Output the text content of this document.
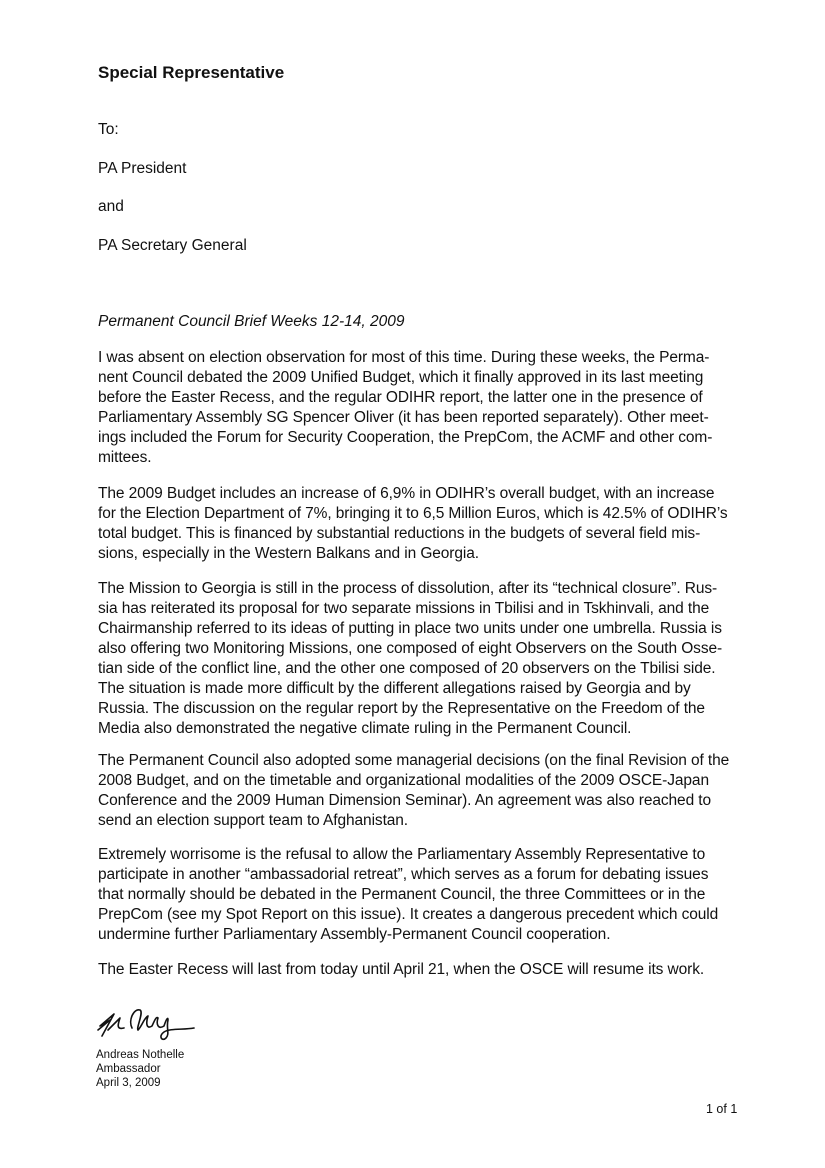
Special Representative

To:

PA President

and

PA Secretary General

Permanent Council Brief Weeks 12-14, 2009

I was absent on election observation for most of this time. During these weeks, the Perma-
nent Council debated the 2009 Unified Budget, which it finally approved in its last meeting
before the Easter Recess, and the regular ODIHR report, the latter one in the presence of
Parliamentary Assembly SG Spencer Oliver (it has been reported separately). Other meet-
ings included the Forum for Security Cooperation, the PrepCom, the ACMF and other com-
mittees.
The 2009 Budget includes an increase of 6,9% in ODIHR’s overall budget, with an increase
for the Election Department of 7%, bringing it to 6,5 Million Euros, which is 42.5% of ODIHR’s
total budget. This is financed by substantial reductions in the budgets of several field mis-
sions, especially in the Western Balkans and in Georgia.
The Mission to Georgia is still in the process of dissolution, after its “technical closure”. Rus-
sia has reiterated its proposal for two separate missions in Tbilisi and in Tskhinvali, and the
Chairmanship referred to its ideas of putting in place two units under one umbrella. Russia is
also offering two Monitoring Missions, one composed of eight Observers on the South Osse-
tian side of the conflict line, and the other one composed of 20 observers on the Tbilisi side.
The situation is made more difficult by the different allegations raised by Georgia and by
Russia. The discussion on the regular report by the Representative on the Freedom of the
Media also demonstrated the negative climate ruling in the Permanent Council.
The Permanent Council also adopted some managerial decisions (on the final Revision of the
2008 Budget, and on the timetable and organizational modalities of the 2009 OSCE-Japan
Conference and the 2009 Human Dimension Seminar). An agreement was also reached to
send an election support team to Afghanistan.
Extremely worrisome is the refusal to allow the Parliamentary Assembly Representative to
participate in another “ambassadorial retreat”, which serves as a forum for debating issues
that normally should be debated in the Permanent Council, the three Committees or in the
PrepCom (see my Spot Report on this issue). It creates a dangerous precedent which could
undermine further Parliamentary Assembly-Permanent Council cooperation.
The Easter Recess will last from today until April 21, when the OSCE will resume its work.
Andreas Nothelle
Ambassador
April 3, 2009

1 of 1
